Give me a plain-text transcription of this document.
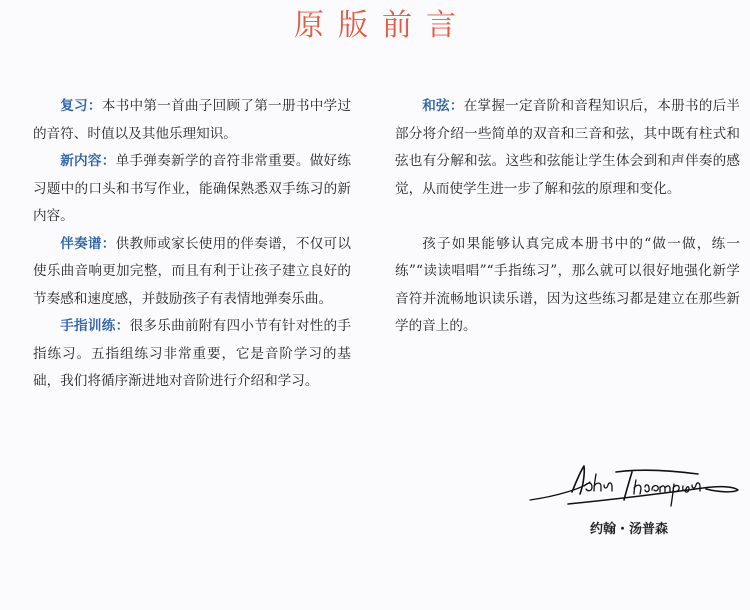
原版前言

复习：本书中第一首曲子回顾了第一册书中学过的音符、时值以及其他乐理知识。

新内容：单手弹奏新学的音符非常重要。做好练习题中的口头和书写作业，能确保熟悉双手练习的新内容。

伴奏谱：供教师或家长使用的伴奏谱，不仅可以使乐曲音响更加完整，而且有利于让孩子建立良好的节奏感和速度感，并鼓励孩子有表情地弹奏乐曲。

手指训练：很多乐曲前附有四小节有针对性的手指练习。五指组练习非常重要，它是音阶学习的基础，我们将循序渐进地对音阶进行介绍和学习。

和弦：在掌握一定音阶和音程知识后，本册书的后半部分将介绍一些简单的双音和三音和弦，其中既有柱式和弦也有分解和弦。这些和弦能让学生体会到和声伴奏的感觉，从而使学生进一步了解和弦的原理和变化。

孩子如果能够认真完成本册书中的“做一做，练一练”“读读唱唱”“手指练习”，那么就可以很好地强化新学音符并流畅地识读乐谱，因为这些练习都是建立在那些新学的音上的。

约翰・汤普森
